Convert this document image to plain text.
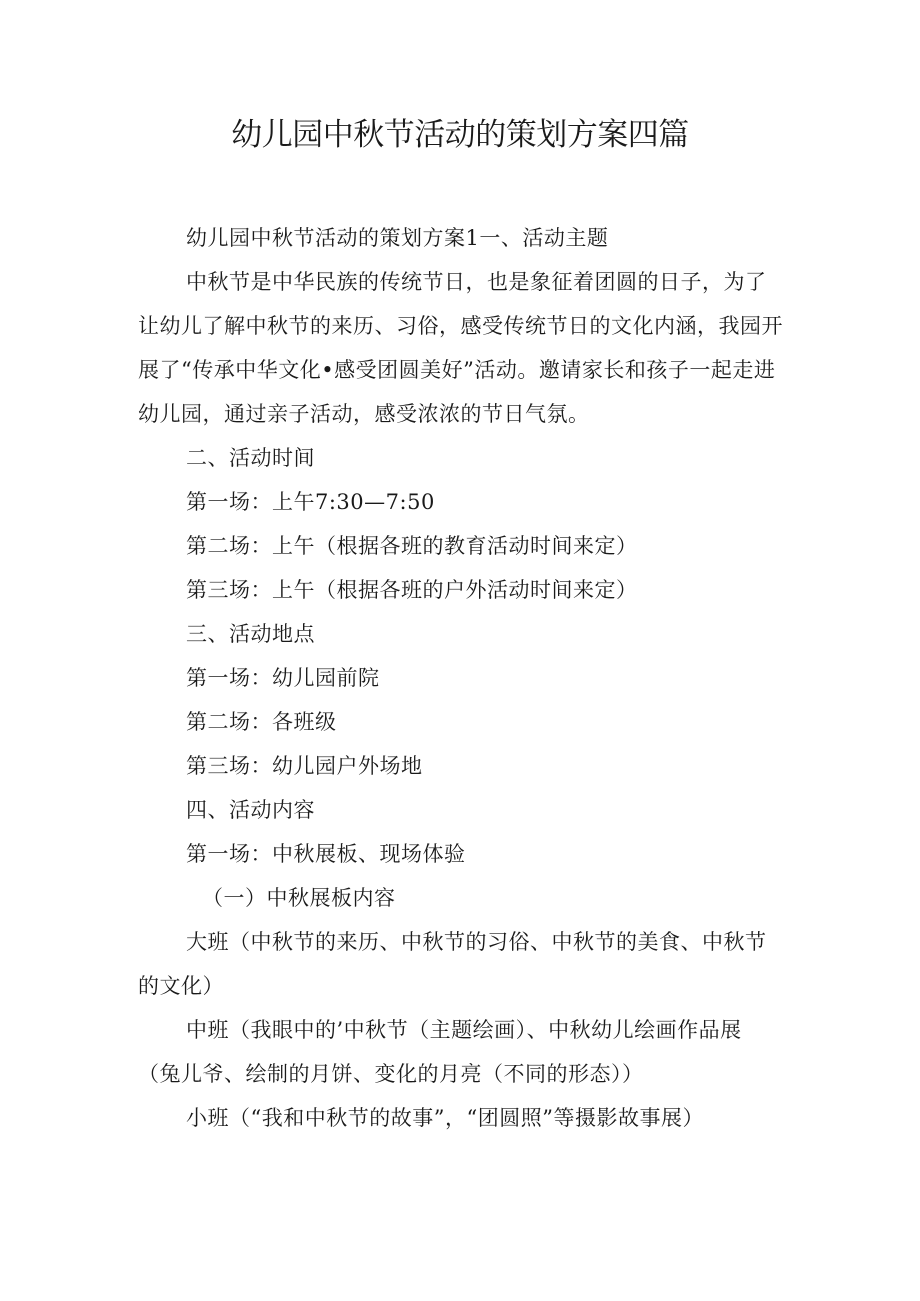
幼儿园中秋节活动的策划方案四篇

幼儿园中秋节活动的策划方案1一、活动主题

中秋节是中华民族的传统节日，也是象征着团圆的日子，为了让幼儿了解中秋节的来历、习俗，感受传统节日的文化内涵，我园开展了“传承中华文化•感受团圆美好”活动。邀请家长和孩子一起走进幼儿园，通过亲子活动，感受浓浓的节日气氛。

二、活动时间

第一场：上午7:30—7:50

第二场：上午（根据各班的教育活动时间来定）

第三场：上午（根据各班的户外活动时间来定）

三、活动地点

第一场：幼儿园前院

第二场：各班级

第三场：幼儿园户外场地

四、活动内容

第一场：中秋展板、现场体验

（一）中秋展板内容

大班（中秋节的来历、中秋节的习俗、中秋节的美食、中秋节的文化）

中班（我眼中的’中秋节（主题绘画）、中秋幼儿绘画作品展（兔儿爷、绘制的月饼、变化的月亮（不同的形态））

小班（“我和中秋节的故事”，“团圆照”等摄影故事展）
